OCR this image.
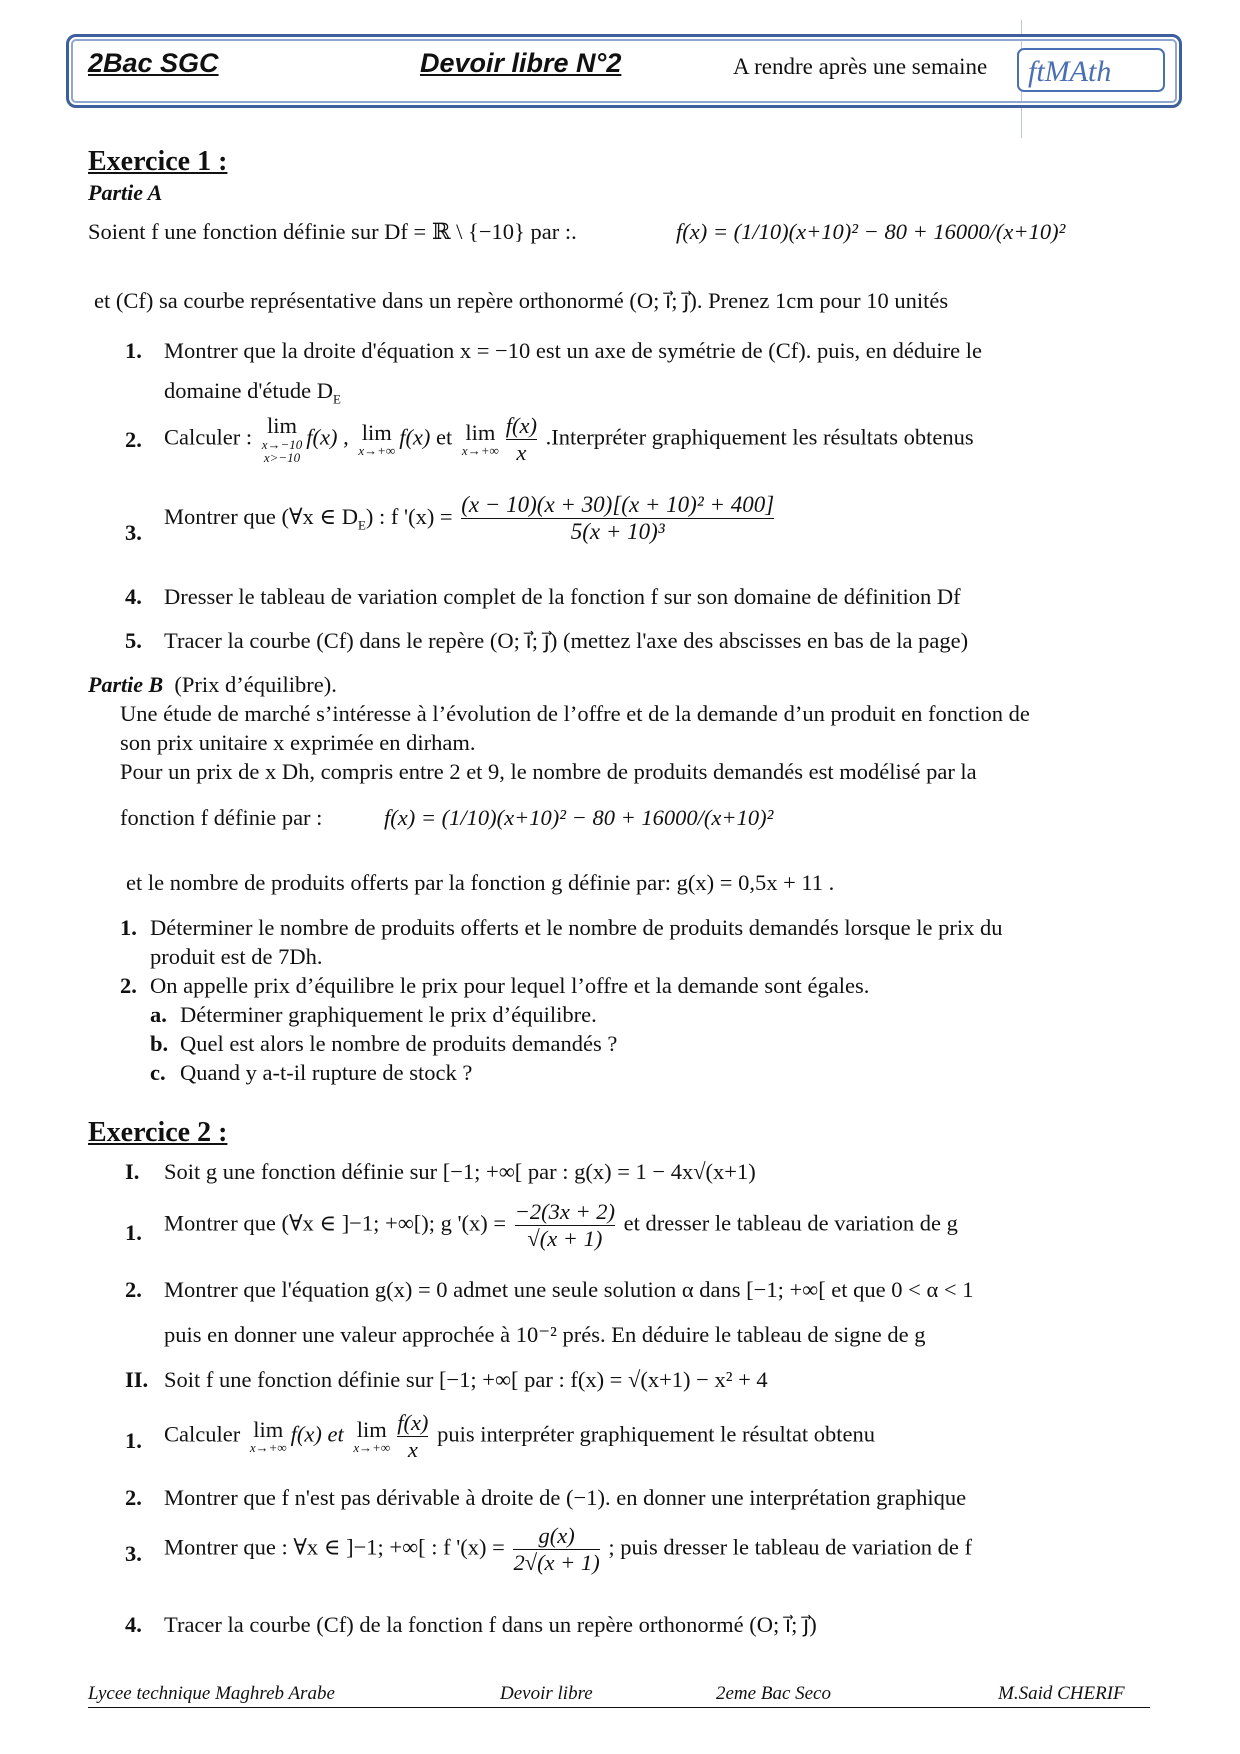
2Bac SGC	Devoir libre N°2	A rendre après une semaine ftMAth
Exercice 1 :
Partie A
Soient f une fonction définie sur Df = ℝ \ {−10} par :.	f(x) = (1/10)(x+10)² − 80 + 16000/(x+10)²
et (Cf) sa courbe représentative dans un repère orthonormé (O; i⃗; j⃗). Prenez 1cm pour 10 unités
1. Montrer que la droite d'équation x = −10 est un axe de symétrie de (Cf). puis, en déduire le
domaine d'étude $D_E$
2. Calculer : lim
x→−10
x>−10
f(x) , lim
x→+∞
f(x) et lim
$x\to+\infty \frac{f(x)}{x}$ .Interpréter graphiquement les résultats obtenus
3.
Montrer que (∀x ∈ $D_E$) : f '$(x) = \frac{\text{(x − 10)(x + 30)[(x + 10)² + 400]}}{\text{5(x + 10)³}}$
4. Dresser le tableau de variation complet de la fonction f sur son domaine de définition Df
5. Tracer la courbe (Cf) dans le repère (O; i⃗; j⃗) (mettez l'axe des abscisses en bas de la page)
Partie B (Prix d’équilibre).
Une étude de marché s’intéresse à l’évolution de l’offre et de la demande d’un produit en fonction de
son prix unitaire x exprimée en dirham.
Pour un prix de x Dh, compris entre 2 et 9, le nombre de produits demandés est modélisé par la
fonction f définie par :	f(x) = (1/10)(x+10)² − 80 + 16000/(x+10)²
et le nombre de produits offerts par la fonction g définie par: g(x) = 0,5x + 11 .
1. Déterminer le nombre de produits offerts et le nombre de produits demandés lorsque le prix du
produit est de 7Dh.
2. On appelle prix d’équilibre le prix pour lequel l’offre et la demande sont égales.
a. Déterminer graphiquement le prix d’équilibre.
b. Quel est alors le nombre de produits demandés ?
c. Quand y a-t-il rupture de stock ?
Exercice 2 :
I. Soit g une fonction définie sur [−1; +∞[ par : g(x) = 1 − 4x√(x+1)
1. Montrer que (∀x ∈ ]−1; +∞[); g '$(x) = \frac{-2(3x + 2)}{√(x + 1)}$ et dresser le tableau de variation de g
2. Montrer que l'équation g(x) = 0 admet une seule solution α dans [−1; +∞[ et que 0 < α < 1
puis en donner une valeur approchée à 10⁻² prés. En déduire le tableau de signe de g
II. Soit f une fonction définie sur [−1; +∞[ par : f(x) = √(x+1) − x² + 4
1. Calculer lim
x→+∞
f(x) et lim
$x\to+\infty \frac{f(x)}{x}$ puis interpréter graphiquement le résultat obtenu
2. Montrer que f n'est pas dérivable à droite de (−1). en donner une interprétation graphique
3. Montrer que : ∀x ∈ ]−1; +∞[ : f '$(x) = \frac{g(x)}{2√(x + 1)}$ ; puis dresser le tableau de variation de f
4. Tracer la courbe (Cf) de la fonction f dans un repère orthonormé (O; i⃗; j⃗)
Lycee technique Maghreb Arabe	Devoir libre	2eme Bac Seco	M.Said CHERIF
